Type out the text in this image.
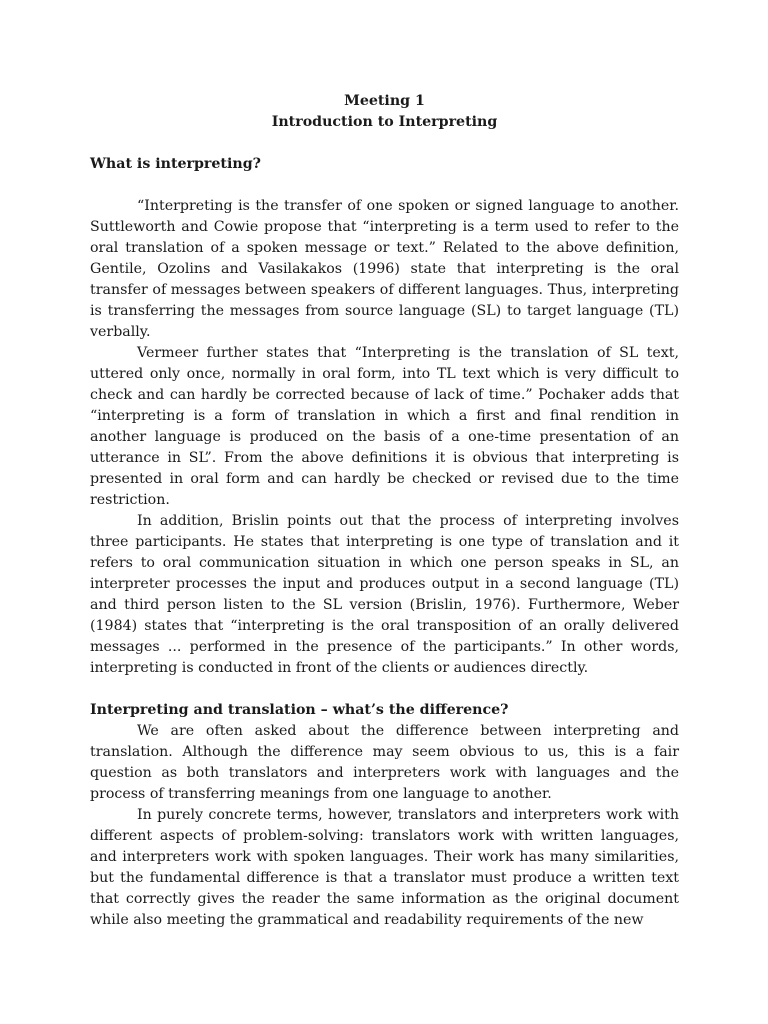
Meeting 1
Introduction to Interpreting
What is interpreting?

“Interpreting is the transfer of one spoken or signed language to another. Suttleworth and Cowie propose that “interpreting is a term used to refer to the oral translation of a spoken message or text.” Related to the above definition, Gentile, Ozolins and Vasilakakos (1996) state that interpreting is the oral transfer of messages between speakers of different languages. Thus, interpreting is transferring the messages from source language (SL) to target language (TL) verbally.

Vermeer further states that “Interpreting is the translation of SL text, uttered only once, normally in oral form, into TL text which is very difficult to check and can hardly be corrected because of lack of time.” Pochaker adds that “interpreting is a form of translation in which a first and final rendition in another language is produced on the basis of a one-time presentation of an utterance in SL”. From the above definitions it is obvious that interpreting is presented in oral form and can hardly be checked or revised due to the time restriction.

In addition, Brislin points out that the process of interpreting involves three participants. He states that interpreting is one type of translation and it refers to oral communication situation in which one person speaks in SL, an interpreter processes the input and produces output in a second language (TL) and third person listen to the SL version (Brislin, 1976). Furthermore, Weber (1984) states that “interpreting is the oral transposition of an orally delivered messages ... performed in the presence of the participants.” In other words, interpreting is conducted in front of the clients or audiences directly.

Interpreting and translation – what’s the difference?

We are often asked about the difference between interpreting and translation. Although the difference may seem obvious to us, this is a fair question as both translators and interpreters work with languages and the process of transferring meanings from one language to another.

In purely concrete terms, however, translators and interpreters work with different aspects of problem-solving: translators work with written languages, and interpreters work with spoken languages. Their work has many similarities, but the fundamental difference is that a translator must produce a written text that correctly gives the reader the same information as the original document while also meeting the grammatical and readability requirements of the new
